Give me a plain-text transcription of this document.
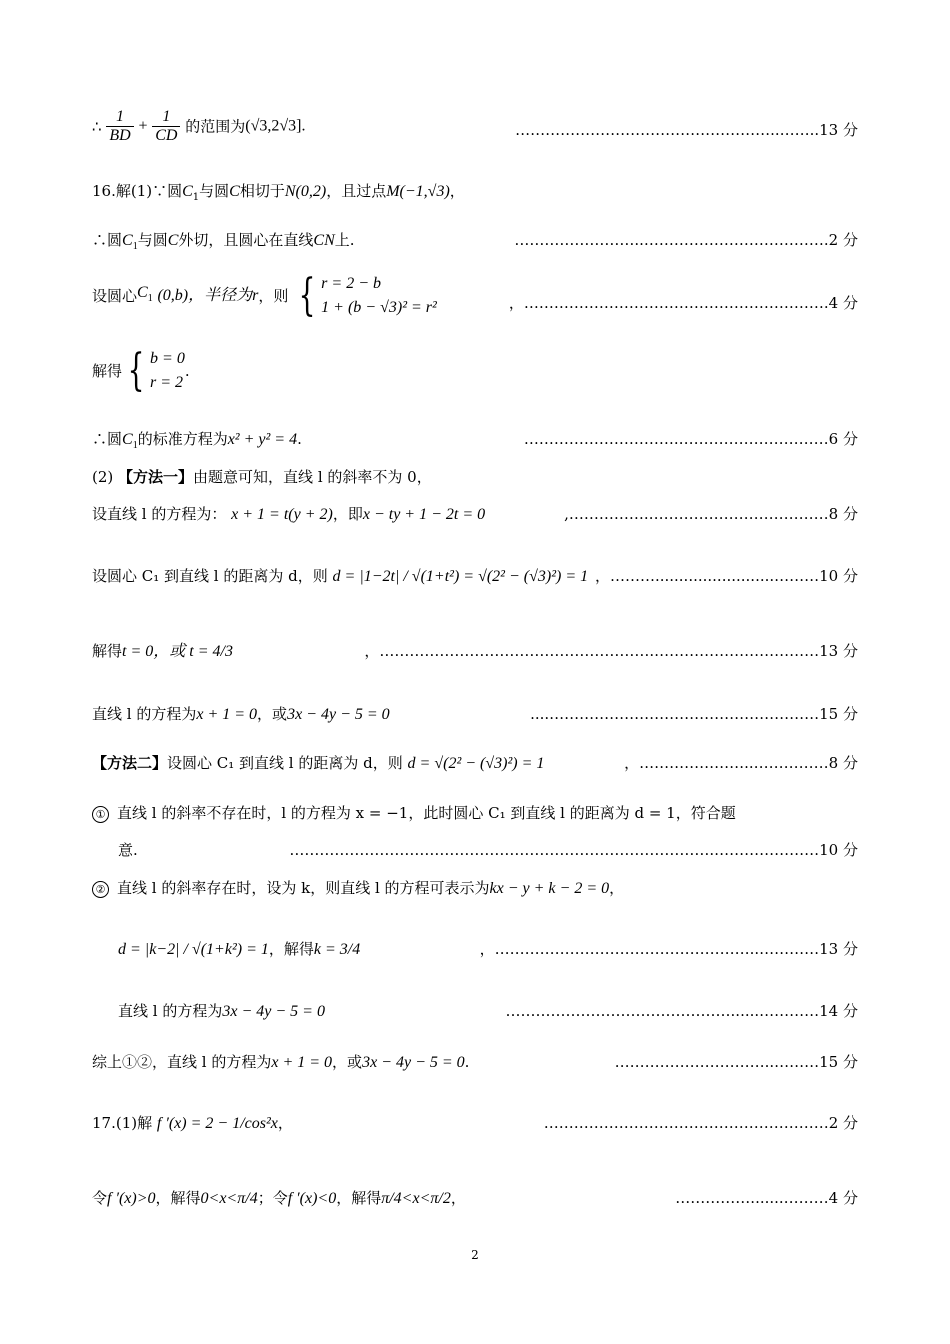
∴ $\frac{1}{BD} + \frac{1}{CD}$ 的范围为(√3,2√3].	……………………………………………..……..13 分
16.解(1)∵圆$C_1$与圆C相切于N(0,2)，且过点M(−1,√3)，
∴圆$C_1$与圆C外切，且圆心在直线CN上.	……………………..……………………………….2 分
设圆心$C_1$ (0,b)，半径为r，则 { r = 2 − b
1 + (b − √3)² = r²	，…………………………………………………….4 分
解得 { b = 0
r = 2
.
∴圆$C_1$的标准方程为x² + y² = 4.	………………………….…………………………6 分
(2) 【方法一】由题意可知，直线 l 的斜率不为 0，
设直线 l 的方程为： x + 1 = t(y + 2)，即x − ty + 1 − 2t = 0	,…………….………………………………8 分
设圆心 C₁ 到直线 l 的距离为 d，则 d = |1−2t| / √(1+t²) = √(2² − (√3)²) = 1 ，……….........................………10 分
解得t = 0，或 t = 4/3	，……………………………………………….……………………………13 分
直线 l 的方程为x + 1 = 0，或3x − 4y − 5 = 0	....………………………………………………15 分
【方法二】设圆心 C₁ 到直线 l 的距离为 d，则 d = √(2² − (√3)²) = 1	，…………………..……………8 分
① 直线 l 的斜率不存在时，l 的方程为 x = −1，此时圆心 C₁ 到直线 l 的距离为 d = 1，符合题
意.	………………………………………………………………………….…………………10 分
② 直线 l 的斜率存在时，设为 k，则直线 l 的方程可表示为kx − y + k − 2 = 0，
d = |k−2| / √(1+k²) = 1，解得k = 3/4	，……………………………………………..…………13 分
直线 l 的方程为3x − 4y − 5 = 0	………………………………………......…………14 分
综上①②，直线 l 的方程为x + 1 = 0，或3x − 4y − 5 = 0.	…………………………..………15 分
17.(1)解 f ′(x) = 2 − 1/cos²x，	…………………………………………………2 分
令f ′(x)>0，解得0<x<π/4；令f ′(x)<0，解得π/4<x<π/2，	…………….......………4 分
2
